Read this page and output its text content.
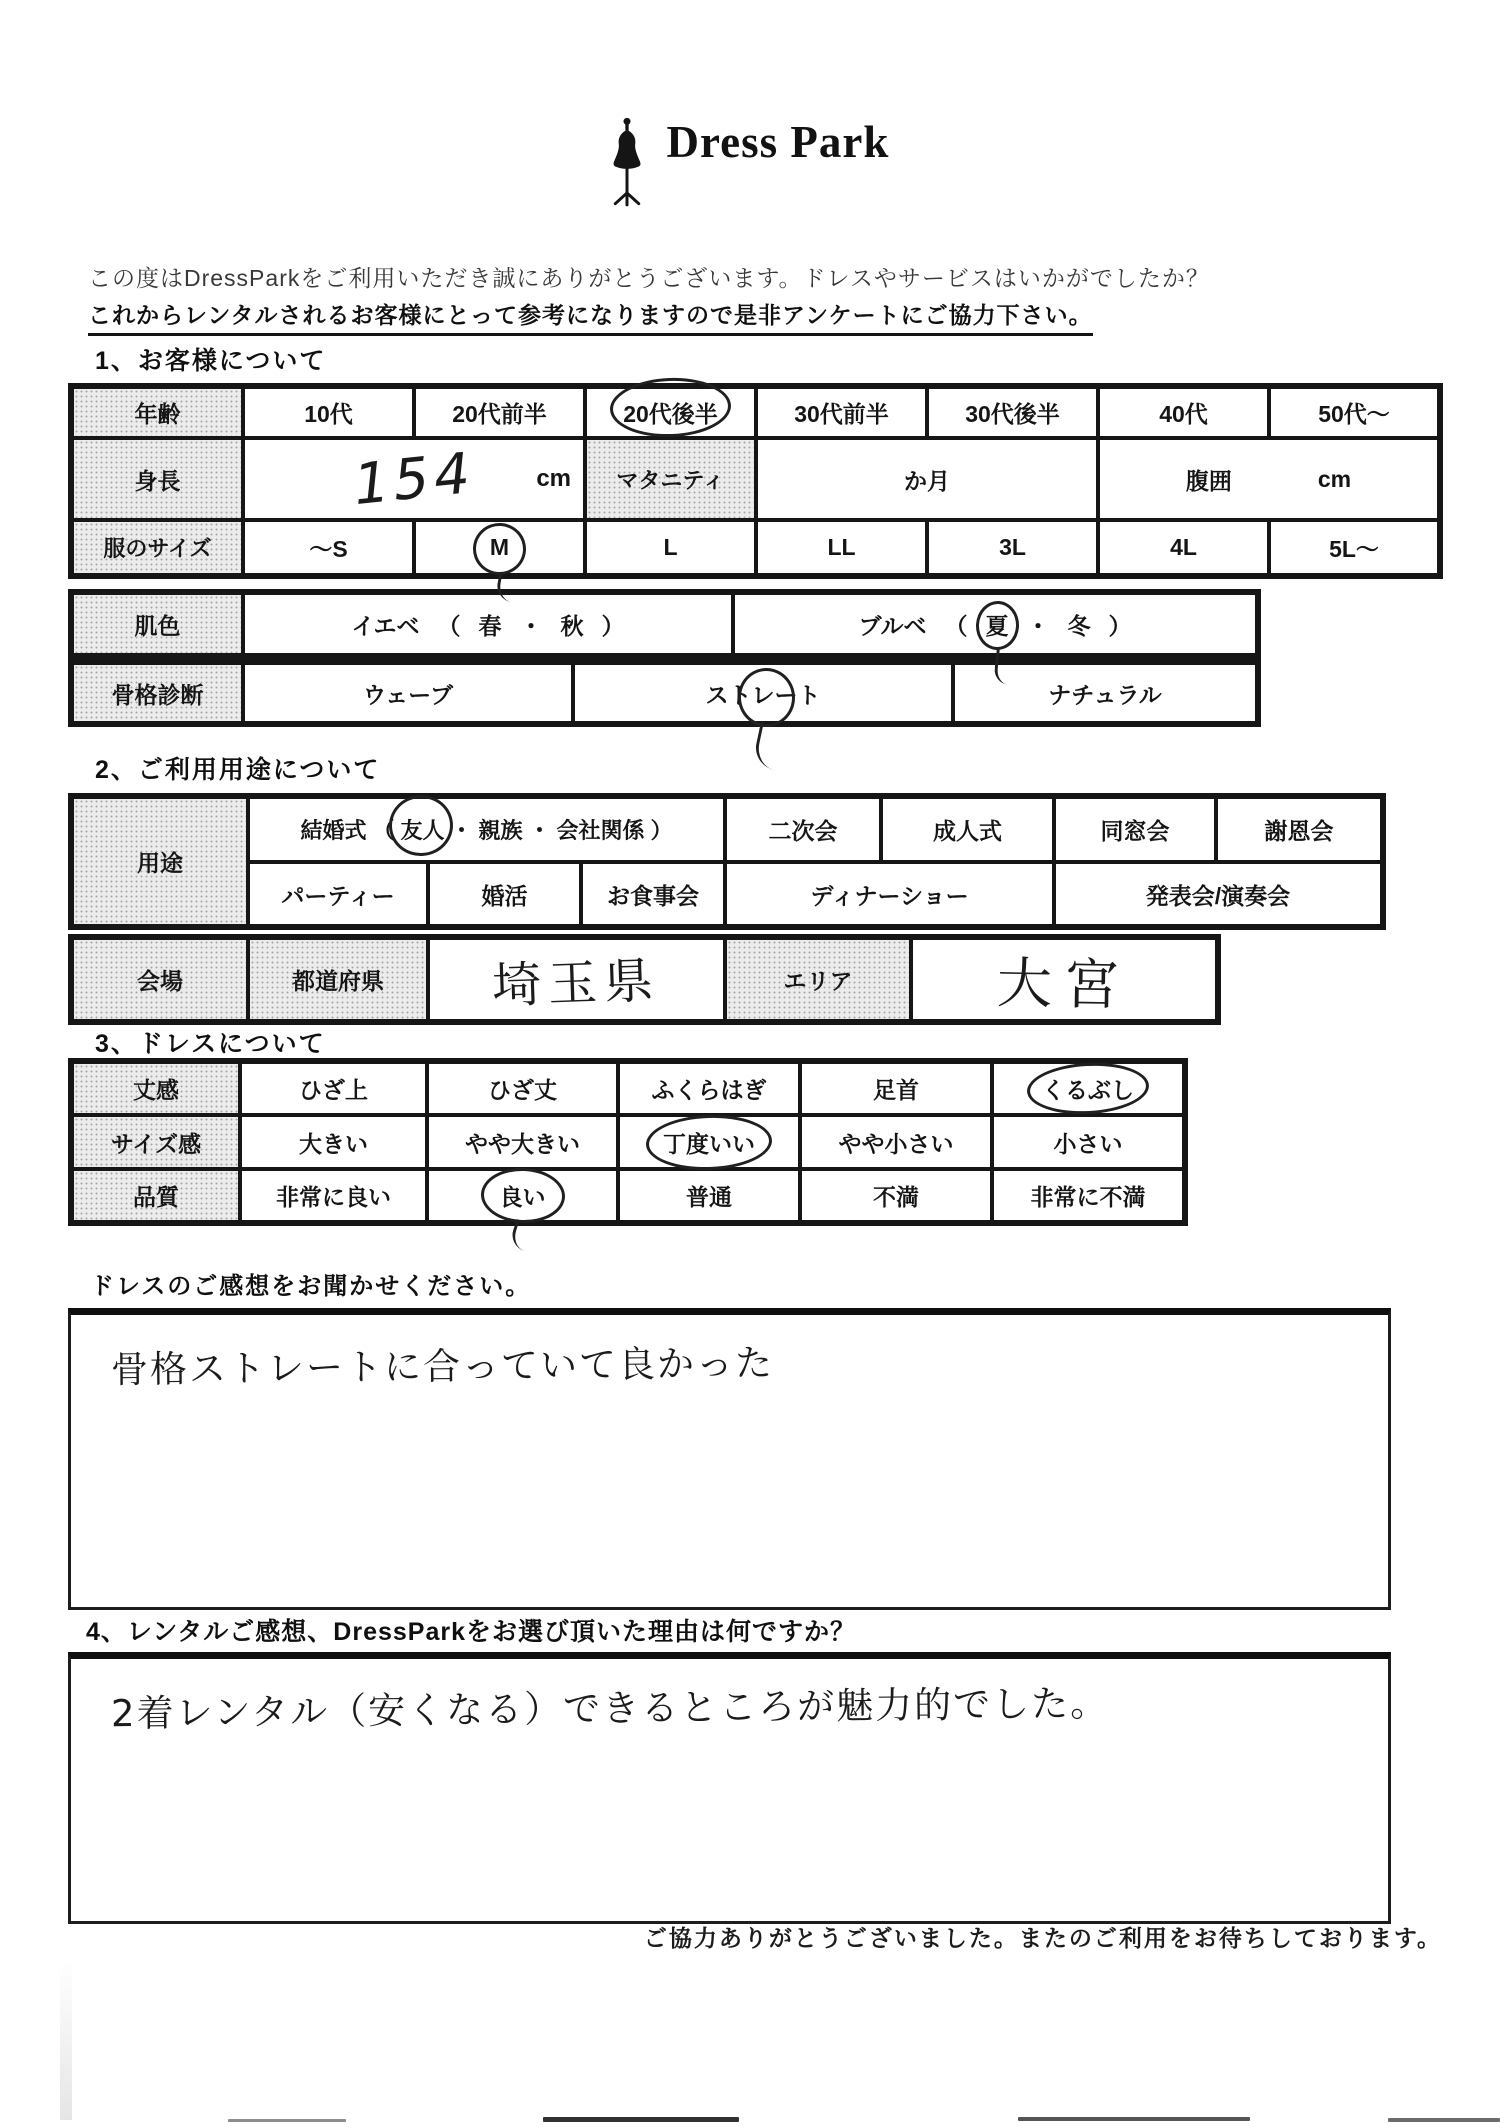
Dress Park
この度はDressParkをご利用いただき誠にありがとうございます。ドレスやサービスはいかがでしたか？
これからレンタルされるお客様にとって参考になりますので是非アンケートにご協力下さい。
1、お客様について
年齢	10代	20代前半	20代後半	30代前半	30代後半	40代	50代～
身長	154 cm		マタニティ	か月		腹囲 cm	

服のサイズ	～S	M	L	LL	3L	4L	5L～
肌色	イエベ （ 春 ・ 秋 ）	ブルベ （ 夏 ・ 冬 ）
骨格診断	ウェーブ	ストレート	ナチュラル
2、ご利用用途について
用途	結婚式 （ 友人 ・ 親族 ・ 会社関係 ）			二次会	成人式	同窓会	謝恩会
	パーティー	婚活	お食事会	ディナーショー		発表会/演奏会	
会場	都道府県	埼玉県	エリア	大宮
3、ドレスについて
丈感	ひざ上	ひざ丈	ふくらはぎ	足首	くるぶし
サイズ感	大きい	やや大きい	丁度いい	やや小さい	小さい
品質	非常に良い	良い	普通	不満	非常に不満
ドレスのご感想をお聞かせください。
骨格ストレートに合っていて良かった
4、レンタルご感想、DressParkをお選び頂いた理由は何ですか？
2着レンタル（安くなる）できるところが魅力的でした。
ご協力ありがとうございました。またのご利用をお待ちしております。
